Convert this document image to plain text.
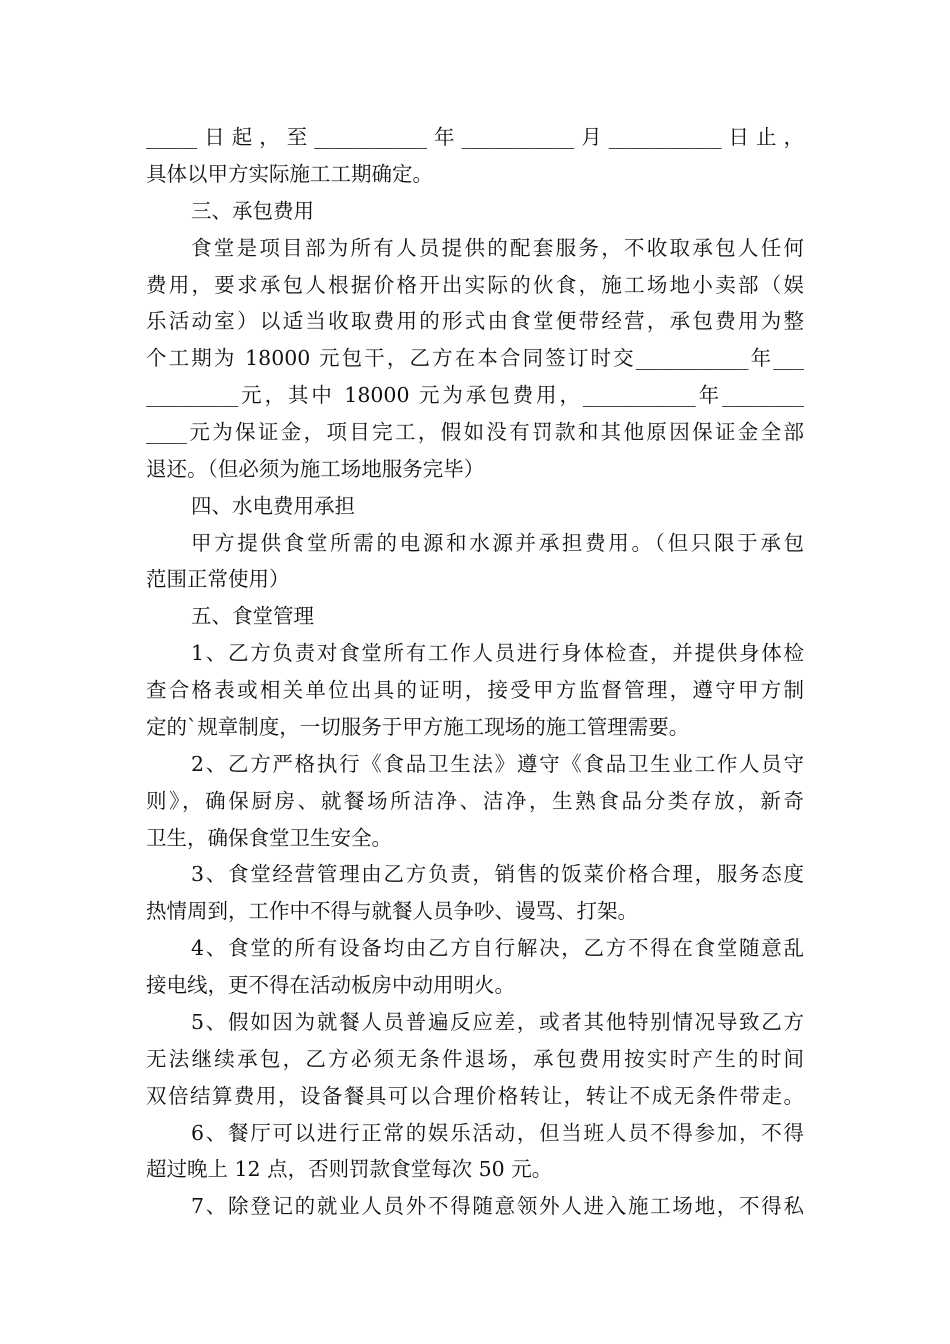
_____日起，至___________年___________月___________日止，
具体以甲方实际施工工期确定。
三、承包费用
食堂是项目部为所有人员提供的配套服务，不收取承包人任何
费用，要求承包人根据价格开出实际的伙食，施工场地小卖部（娱
乐活动室）以适当收取费用的形式由食堂便带经营，承包费用为整
个工期为 18000 元包干，乙方在本合同签订时交___________年___
_________元，其中 18000 元为承包费用，___________年________
____元为保证金，项目完工，假如没有罚款和其他原因保证金全部
退还。（但必须为施工场地服务完毕）
四、水电费用承担
甲方提供食堂所需的电源和水源并承担费用。（但只限于承包
范围正常使用）
五、食堂管理
1、乙方负责对食堂所有工作人员进行身体检查，并提供身体检
查合格表或相关单位出具的证明，接受甲方监督管理，遵守甲方制
定的`规章制度，一切服务于甲方施工现场的施工管理需要。
2、乙方严格执行《食品卫生法》遵守《食品卫生业工作人员守
则》，确保厨房、就餐场所洁净、洁净，生熟食品分类存放，新奇
卫生，确保食堂卫生安全。
3、食堂经营管理由乙方负责，销售的饭菜价格合理，服务态度
热情周到，工作中不得与就餐人员争吵、谩骂、打架。
4、食堂的所有设备均由乙方自行解决，乙方不得在食堂随意乱
接电线，更不得在活动板房中动用明火。
5、假如因为就餐人员普遍反应差，或者其他特别情况导致乙方
无法继续承包，乙方必须无条件退场，承包费用按实时产生的时间
双倍结算费用，设备餐具可以合理价格转让，转让不成无条件带走。
6、餐厅可以进行正常的娱乐活动，但当班人员不得参加，不得
超过晚上 12 点，否则罚款食堂每次 50 元。
7、除登记的就业人员外不得随意领外人进入施工场地，不得私
